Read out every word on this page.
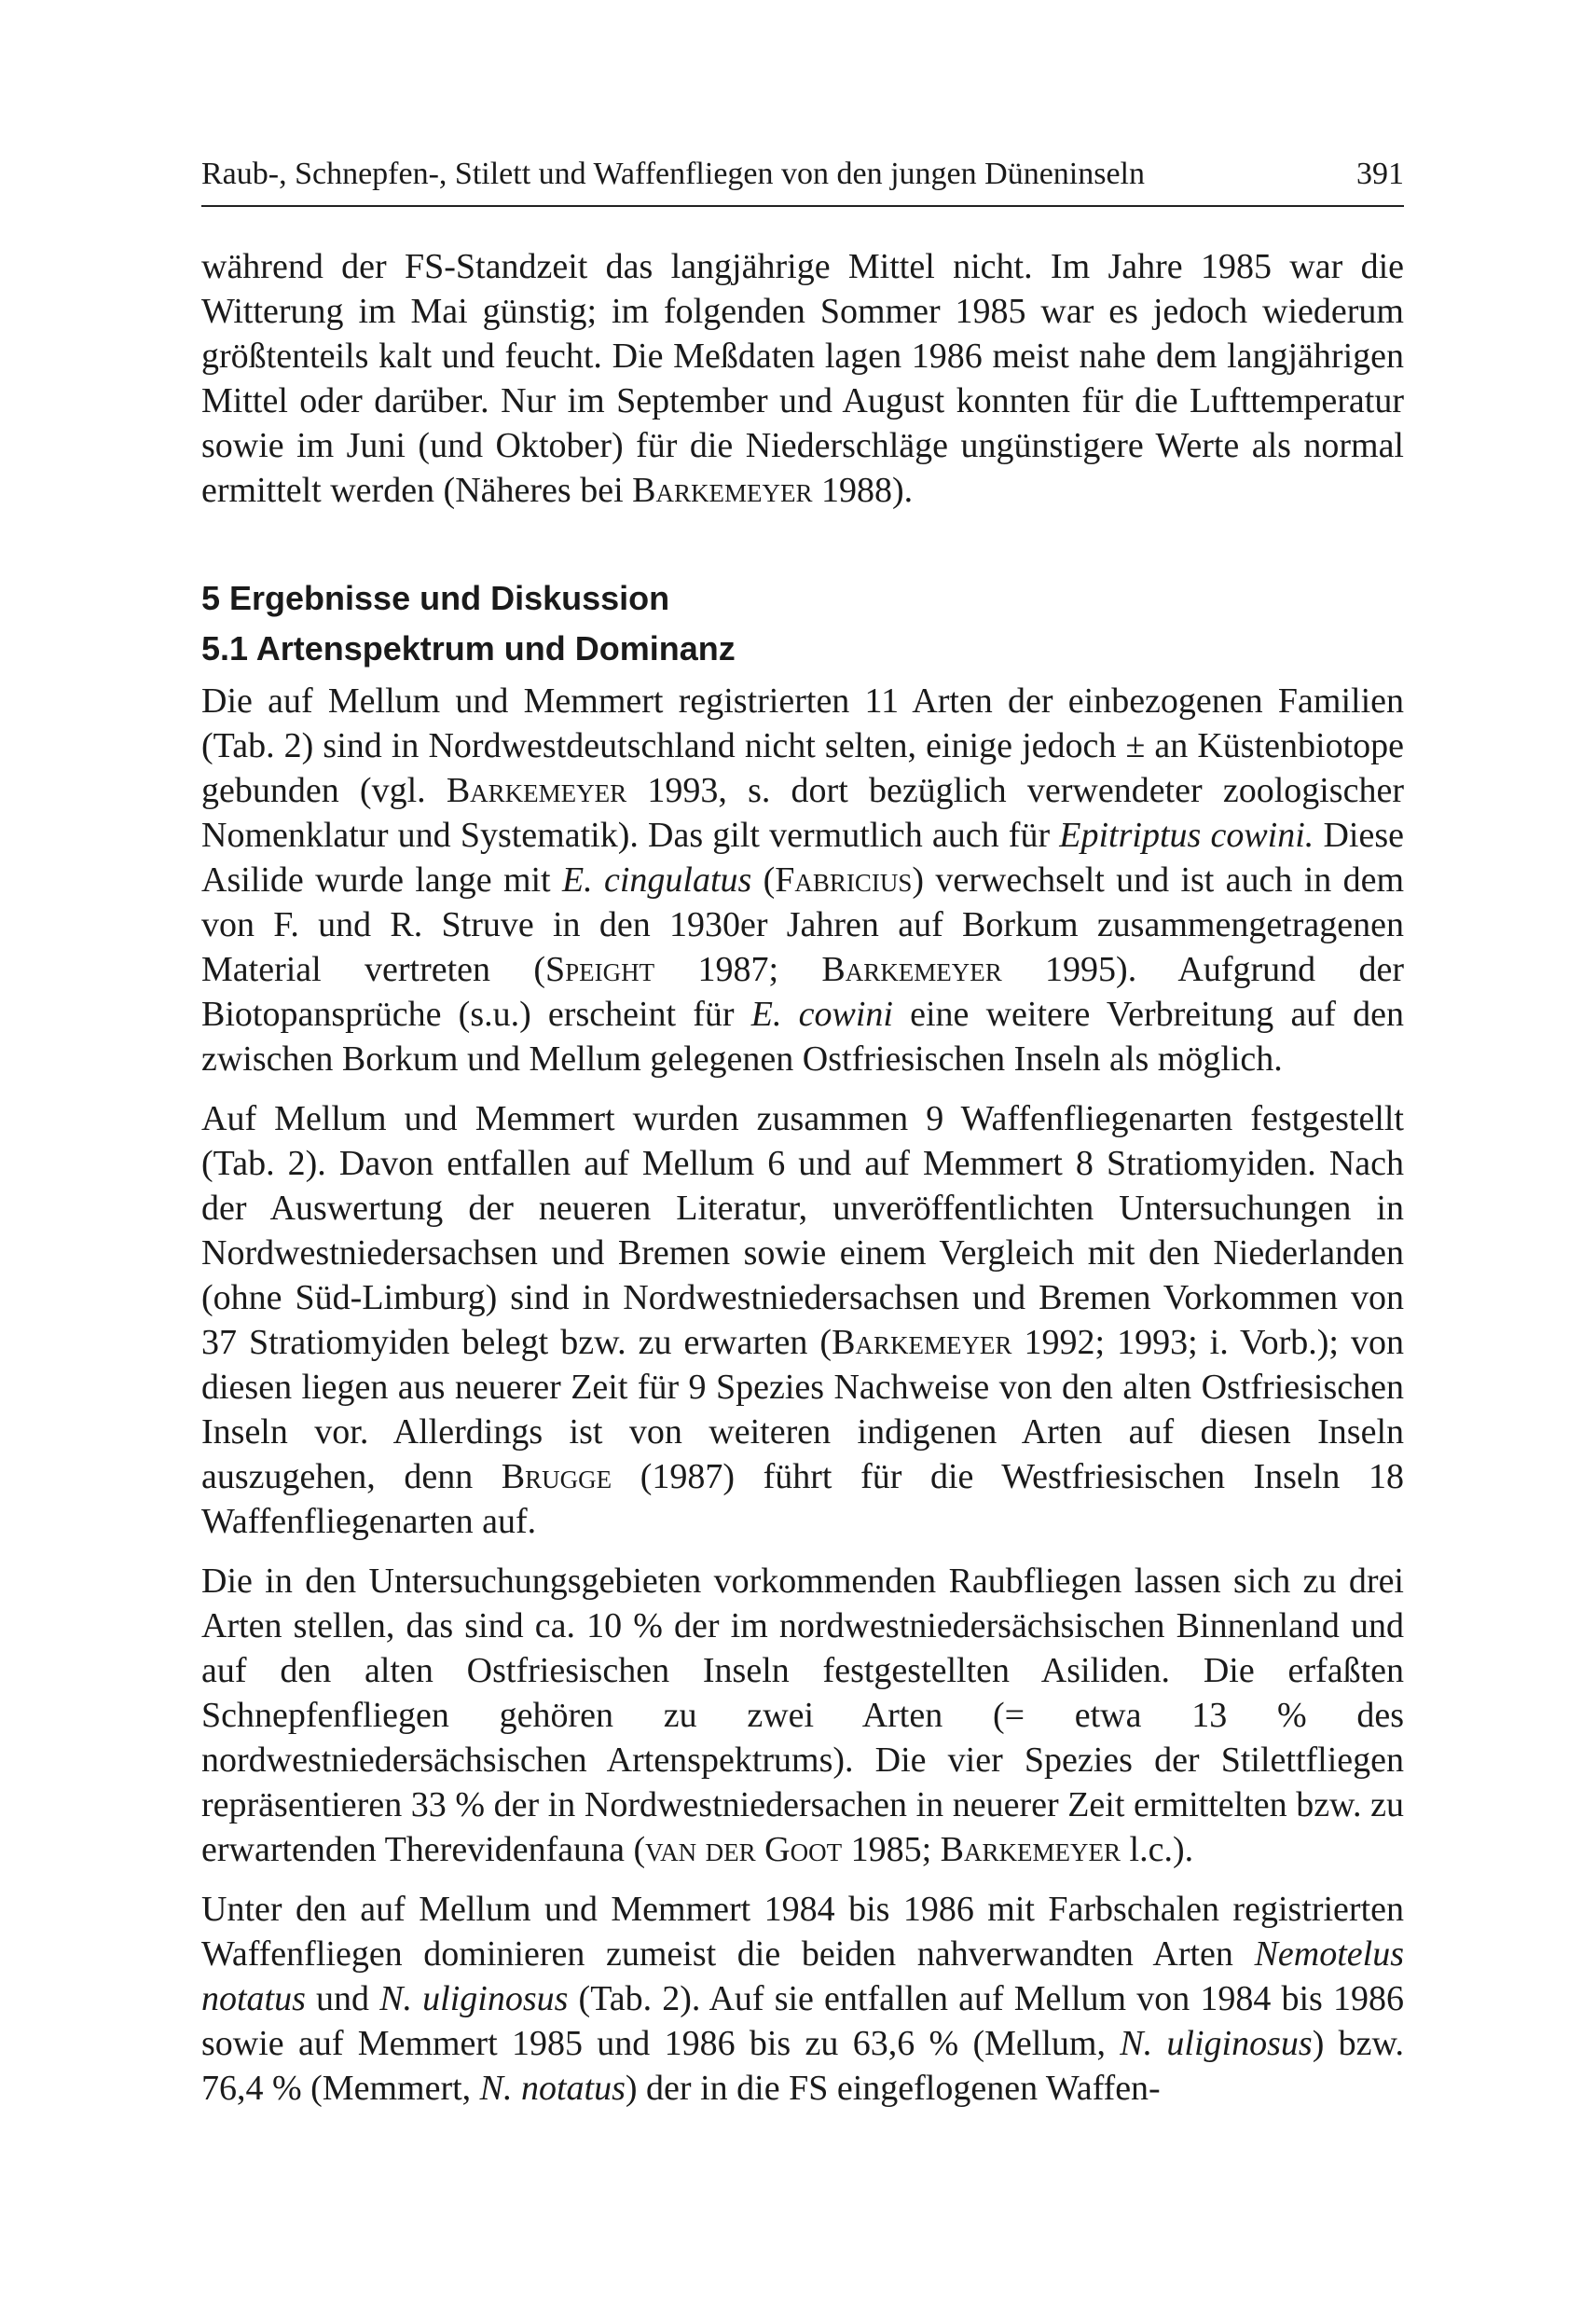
Raub-, Schnepfen-, Stilett und Waffenfliegen von den jungen Düneninseln	391

während der FS-Standzeit das langjährige Mittel nicht. Im Jahre 1985 war die Witterung im Mai günstig; im folgenden Sommer 1985 war es jedoch wiederum größtenteils kalt und feucht. Die Meßdaten lagen 1986 meist nahe dem langjährigen Mittel oder darüber. Nur im September und August konnten für die Lufttemperatur sowie im Juni (und Oktober) für die Niederschläge ungünstigere Werte als normal ermittelt werden (Näheres bei Barkemeyer 1988).

5 Ergebnisse und Diskussion
5.1 Artenspektrum und Dominanz

Die auf Mellum und Memmert registrierten 11 Arten der einbezogenen Familien (Tab. 2) sind in Nordwestdeutschland nicht selten, einige jedoch ± an Küstenbiotope gebunden (vgl. Barkemeyer 1993, s. dort bezüglich verwendeter zoologischer Nomenklatur und Systematik). Das gilt vermutlich auch für Epitriptus cowini. Diese Asilide wurde lange mit E. cingulatus (Fabricius) verwechselt und ist auch in dem von F. und R. Struve in den 1930er Jahren auf Borkum zusammengetragenen Material vertreten (Speight 1987; Barkemeyer 1995). Aufgrund der Biotopansprüche (s.u.) erscheint für E. cowini eine weitere Verbreitung auf den zwischen Borkum und Mellum gelegenen Ostfriesischen Inseln als möglich.

Auf Mellum und Memmert wurden zusammen 9 Waffenfliegenarten festgestellt (Tab. 2). Davon entfallen auf Mellum 6 und auf Memmert 8 Stratiomyiden. Nach der Auswertung der neueren Literatur, unveröffentlichten Untersuchungen in Nordwestniedersachsen und Bremen sowie einem Vergleich mit den Niederlanden (ohne Süd-Limburg) sind in Nordwestniedersachsen und Bremen Vorkommen von 37 Stratiomyiden belegt bzw. zu erwarten (Barkemeyer 1992; 1993; i. Vorb.); von diesen liegen aus neuerer Zeit für 9 Spezies Nachweise von den alten Ostfriesischen Inseln vor. Allerdings ist von weiteren indigenen Arten auf diesen Inseln auszugehen, denn Brugge (1987) führt für die Westfriesischen Inseln 18 Waffenfliegenarten auf.

Die in den Untersuchungsgebieten vorkommenden Raubfliegen lassen sich zu drei Arten stellen, das sind ca. 10 % der im nordwestniedersächsischen Binnenland und auf den alten Ostfriesischen Inseln festgestellten Asiliden. Die erfaßten Schnepfenfliegen gehören zu zwei Arten (= etwa 13 % des nordwestniedersächsischen Artenspektrums). Die vier Spezies der Stilettfliegen repräsentieren 33 % der in Nordwestniedersachen in neuerer Zeit ermittelten bzw. zu erwartenden Therevidenfauna (van der Goot 1985; Barkemeyer l.c.).

Unter den auf Mellum und Memmert 1984 bis 1986 mit Farbschalen registrierten Waffenfliegen dominieren zumeist die beiden nahverwandten Arten Nemotelus notatus und N. uliginosus (Tab. 2). Auf sie entfallen auf Mellum von 1984 bis 1986 sowie auf Memmert 1985 und 1986 bis zu 63,6 % (Mellum, N. uliginosus) bzw. 76,4 % (Memmert, N. notatus) der in die FS eingeflogenen Waffen-
